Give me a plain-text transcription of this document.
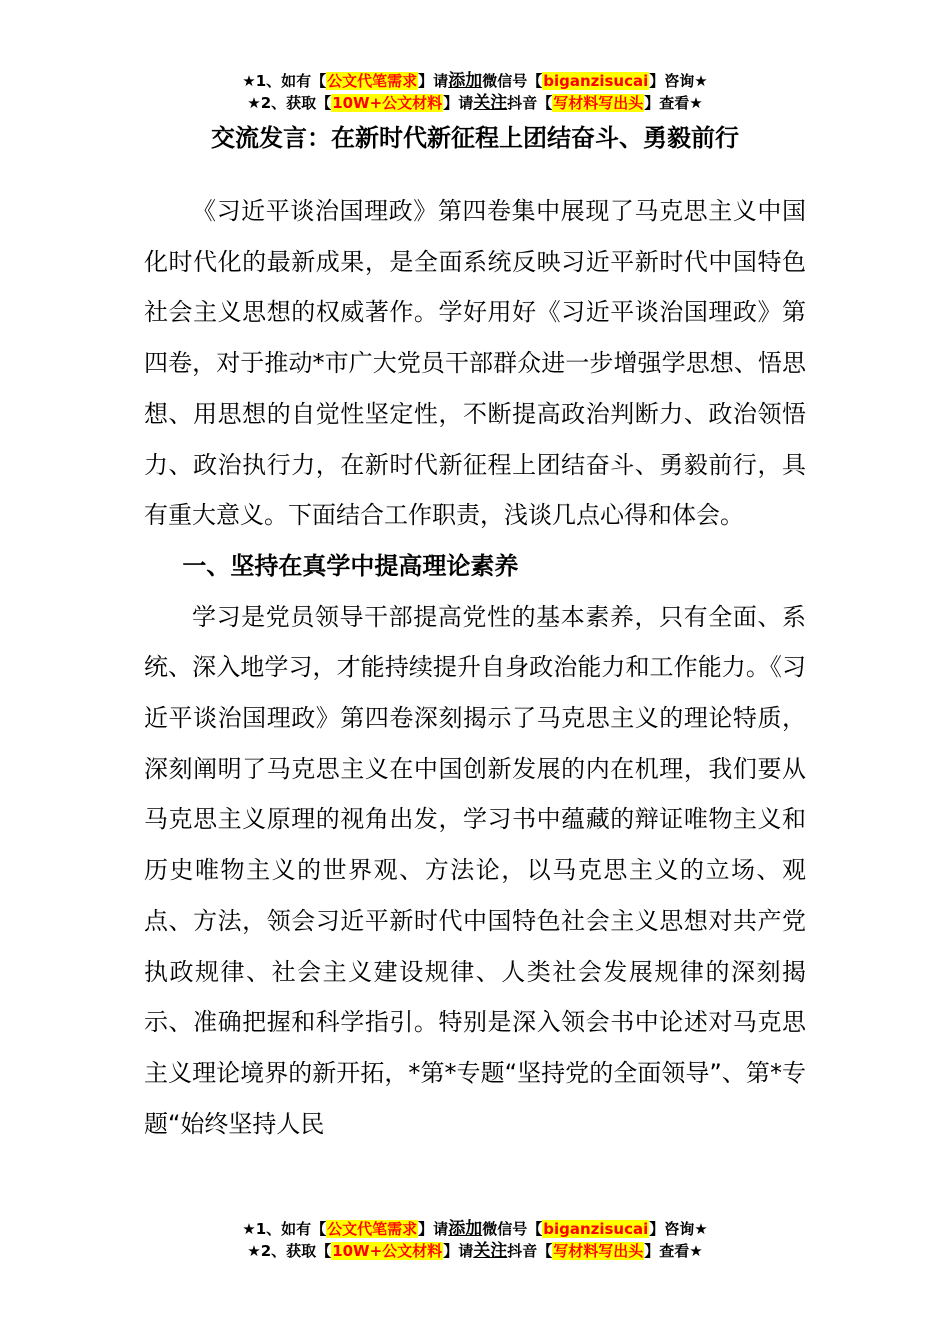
★1、如有【公文代笔需求】请添加微信号【biganzisucai】咨询★
★2、获取【10W+公文材料】请关注抖音【写材料写出头】查看★
交流发言：在新时代新征程上团结奋斗、勇毅前行

《习近平谈治国理政》第四卷集中展现了马克思主义中国化时代化的最新成果，是全面系统反映习近平新时代中国特色社会主义思想的权威著作。学好用好《习近平谈治国理政》第四卷，对于推动*市广大党员干部群众进一步增强学思想、悟思想、用思想的自觉性坚定性，不断提高政治判断力、政治领悟力、政治执行力，在新时代新征程上团结奋斗、勇毅前行，具有重大意义。下面结合工作职责，浅谈几点心得和体会。

一、坚持在真学中提高理论素养

学习是党员领导干部提高党性的基本素养，只有全面、系统、深入地学习，才能持续提升自身政治能力和工作能力。《习近平谈治国理政》第四卷深刻揭示了马克思主义的理论特质，深刻阐明了马克思主义在中国创新发展的内在机理，我们要从马克思主义原理的视角出发，学习书中蕴藏的辩证唯物主义和历史唯物主义的世界观、方法论，以马克思主义的立场、观点、方法，领会习近平新时代中国特色社会主义思想对共产党执政规律、社会主义建设规律、人类社会发展规律的深刻揭示、准确把握和科学指引。特别是深入领会书中论述对马克思主义理论境界的新开拓，*第*专题“坚持党的全面领导”、第*专题“始终坚持人民

★1、如有【公文代笔需求】请添加微信号【biganzisucai】咨询★
★2、获取【10W+公文材料】请关注抖音【写材料写出头】查看★
